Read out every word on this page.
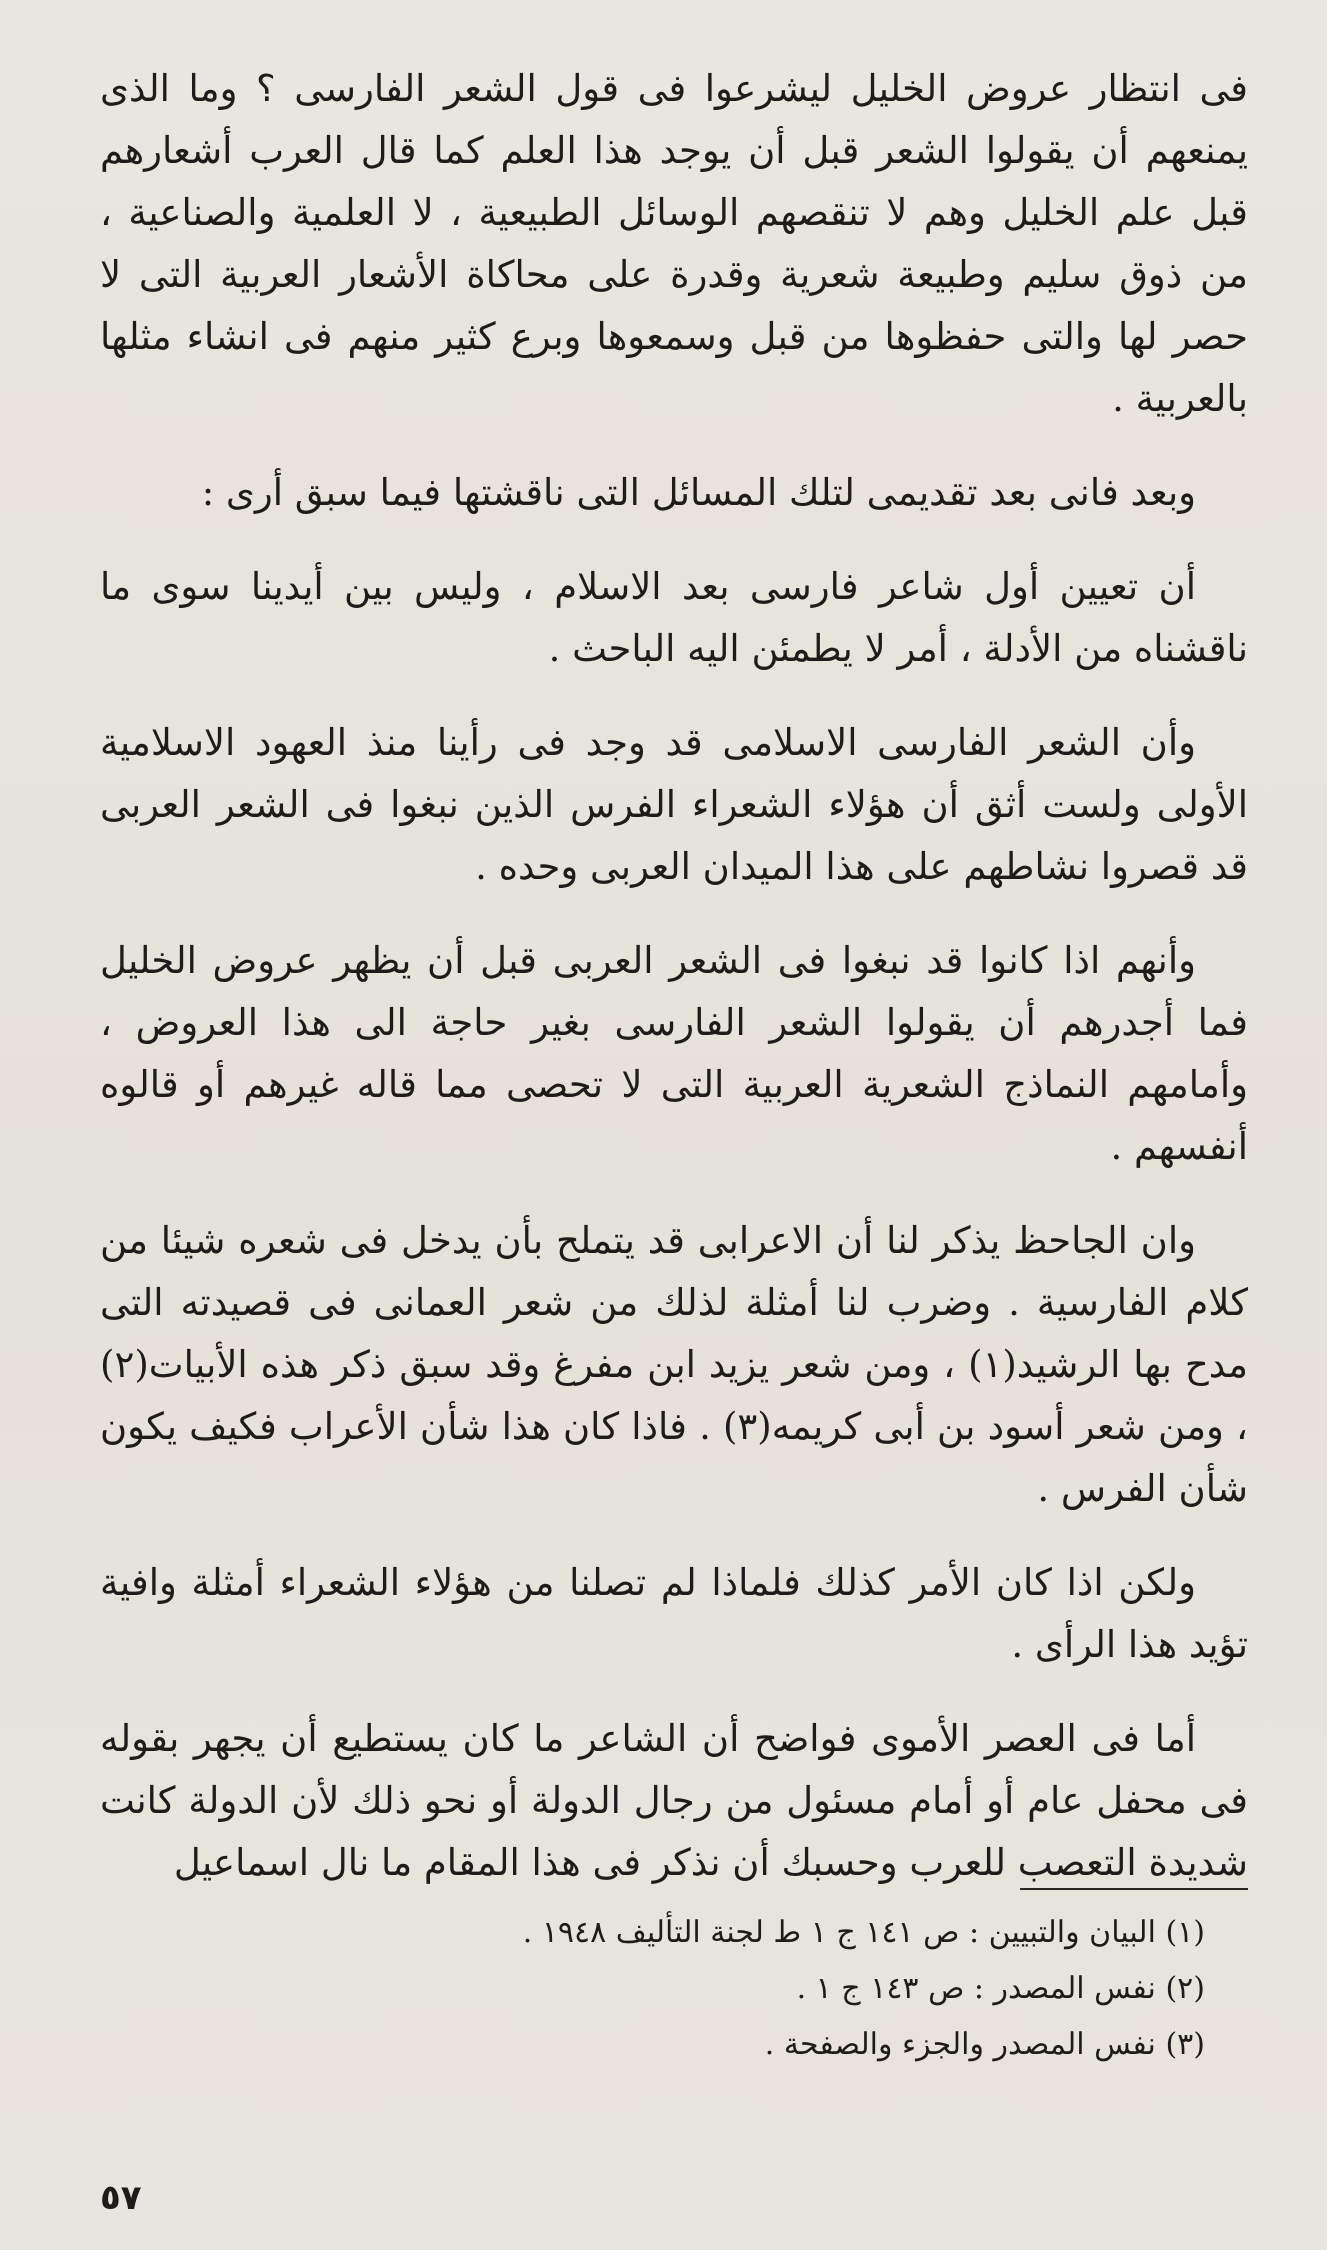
فى انتظار عروض الخليل ليشرعوا فى قول الشعر الفارسى ؟ وما الذى يمنعهم أن يقولوا الشعر قبل أن يوجد هذا العلم كما قال العرب أشعارهم قبل علم الخليل وهم لا تنقصهم الوسائل الطبيعية ، لا العلمية والصناعية ، من ذوق سليم وطبيعة شعرية وقدرة على محاكاة الأشعار العربية التى لا حصر لها والتى حفظوها من قبل وسمعوها وبرع كثير منهم فى انشاء مثلها بالعربية .

وبعد فانى بعد تقديمى لتلك المسائل التى ناقشتها فيما سبق أرى :

أن تعيين أول شاعر فارسى بعد الاسلام ، وليس بين أيدينا سوى ما ناقشناه من الأدلة ، أمر لا يطمئن اليه الباحث .

وأن الشعر الفارسى الاسلامى قد وجد فى رأينا منذ العهود الاسلامية الأولى ولست أثق أن هؤلاء الشعراء الفرس الذين نبغوا فى الشعر العربى قد قصروا نشاطهم على هذا الميدان العربى وحده .

وأنهم اذا كانوا قد نبغوا فى الشعر العربى قبل أن يظهر عروض الخليل فما أجدرهم أن يقولوا الشعر الفارسى بغير حاجة الى هذا العروض ، وأمامهم النماذج الشعرية العربية التى لا تحصى مما قاله غيرهم أو قالوه أنفسهم .

وان الجاحظ يذكر لنا أن الاعرابى قد يتملح بأن يدخل فى شعره شيئا من كلام الفارسية . وضرب لنا أمثلة لذلك من شعر العمانى فى قصيدته التى مدح بها الرشيد(١) ، ومن شعر يزيد ابن مفرغ وقد سبق ذكر هذه الأبيات(٢) ، ومن شعر أسود بن أبى كريمه(٣) . فاذا كان هذا شأن الأعراب فكيف يكون شأن الفرس .

ولكن اذا كان الأمر كذلك فلماذا لم تصلنا من هؤلاء الشعراء أمثلة وافية تؤيد هذا الرأى .

أما فى العصر الأموى فواضح أن الشاعر ما كان يستطيع أن يجهر بقوله فى محفل عام أو أمام مسئول من رجال الدولة أو نحو ذلك لأن الدولة كانت شديدة التعصب للعرب وحسبك أن نذكر فى هذا المقام ما نال اسماعيل

(١) البيان والتبيين : ص ١٤١ ج ١ ط لجنة التأليف ١٩٤٨ .
(٢) نفس المصدر : ص ١٤٣ ج ١ .
(٣) نفس المصدر والجزء والصفحة .
٥٧
